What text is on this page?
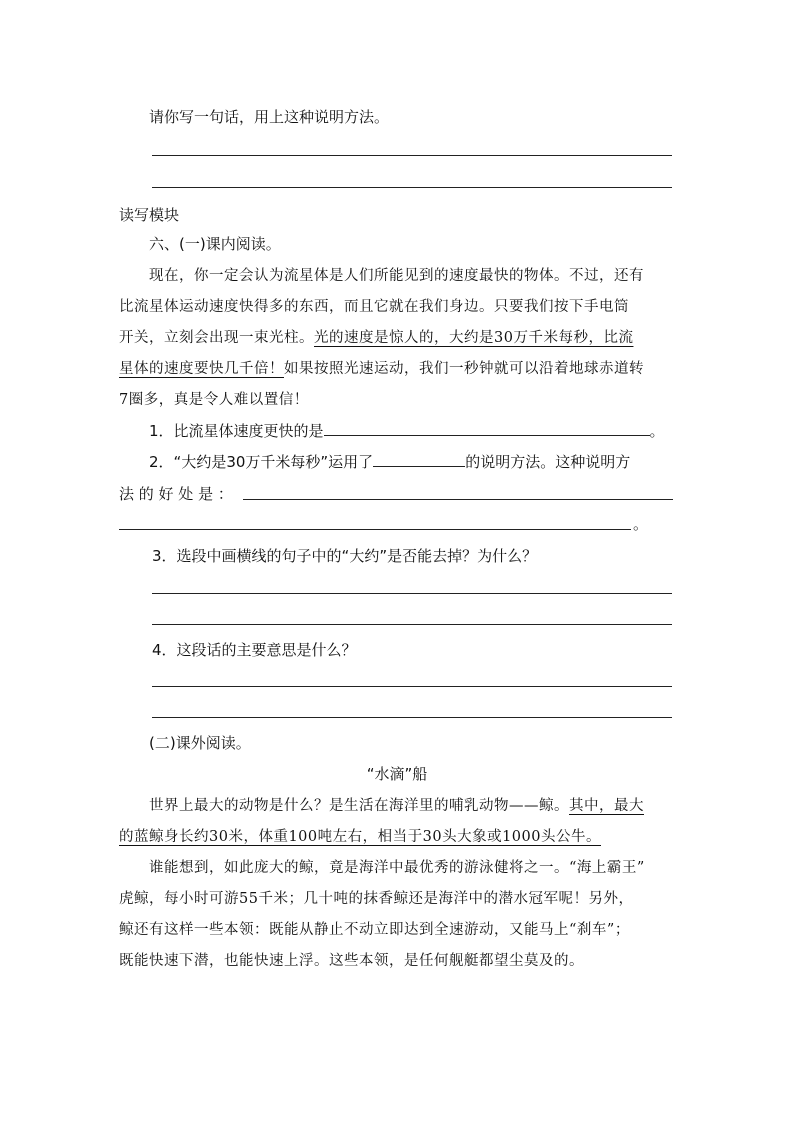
请你写一句话，用上这种说明方法。
读写模块
六、(一)课内阅读。
现在，你一定会认为流星体是人们所能见到的速度最快的物体。不过，还有
比流星体运动速度快得多的东西，而且它就在我们身边。只要我们按下手电筒
开关，立刻会出现一束光柱。光的速度是惊人的，大约是30万千米每秒，比流
星体的速度要快几千倍！如果按照光速运动，我们一秒钟就可以沿着地球赤道转
7圈多，真是令人难以置信！
1．比流星体速度更快的是	。
2．“大约是30万千米每秒”运用了	的说明方法。这种说明方
法 的 好 处 是 ：
。
3．选段中画横线的句子中的“大约”是否能去掉？为什么？
4．这段话的主要意思是什么？
(二)课外阅读。
“水滴”船
世界上最大的动物是什么？是生活在海洋里的哺乳动物——鲸。其中，最大
的蓝鲸身长约30米，体重100吨左右，相当于30头大象或1000头公牛。
谁能想到，如此庞大的鲸，竟是海洋中最优秀的游泳健将之一。“海上霸王”
虎鲸，每小时可游55千米；几十吨的抹香鲸还是海洋中的潜水冠军呢！另外，
鲸还有这样一些本领：既能从静止不动立即达到全速游动，又能马上“刹车”；
既能快速下潜，也能快速上浮。这些本领，是任何舰艇都望尘莫及的。
